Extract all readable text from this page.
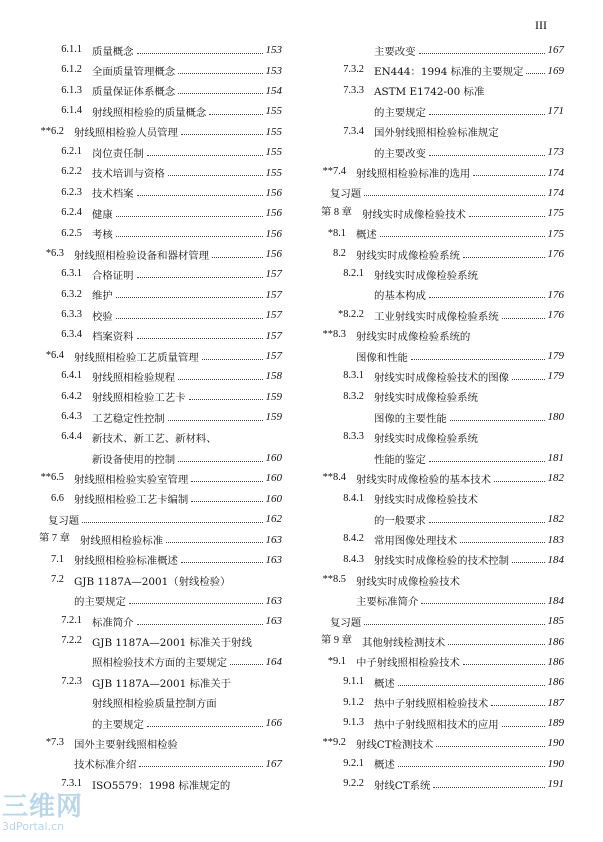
III
6.1.1 质量概念	153
6.1.2 全面质量管理概念	153
6.1.3 质量保证体系概念	154
6.1.4 射线照相检验的质量概念	155
**6.2 射线照相检验人员管理	155
6.2.1 岗位责任制	155
6.2.2 技术培训与资格	155
6.2.3 技术档案	156
6.2.4 健康	156
6.2.5 考核	156
*6.3 射线照相检验设备和器材管理	156
6.3.1 合格证明	157
6.3.2 维护	157
6.3.3 校验	157
6.3.4 档案资料	157
*6.4 射线照相检验工艺质量管理	157
6.4.1 射线照相检验规程	158
6.4.2 射线照相检验工艺卡	159
6.4.3 工艺稳定性控制	159
6.4.4 新技术、新工艺、新材料、
新设备使用的控制	160
**6.5 射线照相检验实验室管理	160
6.6 射线照相检验工艺卡编制	160
复习题	162
第 7 章 射线照相检验标准	163
7.1 射线照相检验标准概述	163
7.2 GJB 1187A—2001（射线检验）
的主要规定	163
7.2.1 标准简介	163
7.2.2 GJB 1187A—2001 标准关于射线
照相检验技术方面的主要规定	164
7.2.3 GJB 1187A—2001 标准关于
射线照相检验质量控制方面
的主要规定	166
*7.3 国外主要射线照相检验
技术标准介绍	167
7.3.1 ISO5579：1998 标准规定的
主要改变	167
7.3.2 EN444：1994 标准的主要规定 169
7.3.3 ASTM E1742-00 标准
的主要规定	171
7.3.4 国外射线照相检验标准规定
的主要改变	173
**7.4 射线照相检验标准的选用	174
复习题	174
第 8 章 射线实时成像检验技术	175
*8.1 概述	175
8.2 射线实时成像检验系统	176
8.2.1 射线实时成像检验系统
的基本构成	176
*8.2.2 工业射线实时成像检验系统	176
**8.3 射线实时成像检验系统的
图像和性能	179
8.3.1 射线实时成像检验技术的图像	179
8.3.2 射线实时成像检验系统
图像的主要性能	180
8.3.3 射线实时成像检验系统
性能的鉴定	181
**8.4 射线实时成像检验的基本技术	182
8.4.1 射线实时成像检验技术
的一般要求	182
8.4.2 常用图像处理技术	183
8.4.3 射线实时成像检验的技术控制	184
**8.5 射线实时成像检验技术
主要标准简介	184
复习题	185
第 9 章 其他射线检测技术	186
*9.1 中子射线照相检验技术	186
9.1.1 概述	186
9.1.2 热中子射线照相检验技术	187
9.1.3 热中子射线照相技术的应用	189
**9.2 射线CT检测技术	190
9.2.1 概述	190
9.2.2 射线CT系统	191
三维网
3dPortal.cn
